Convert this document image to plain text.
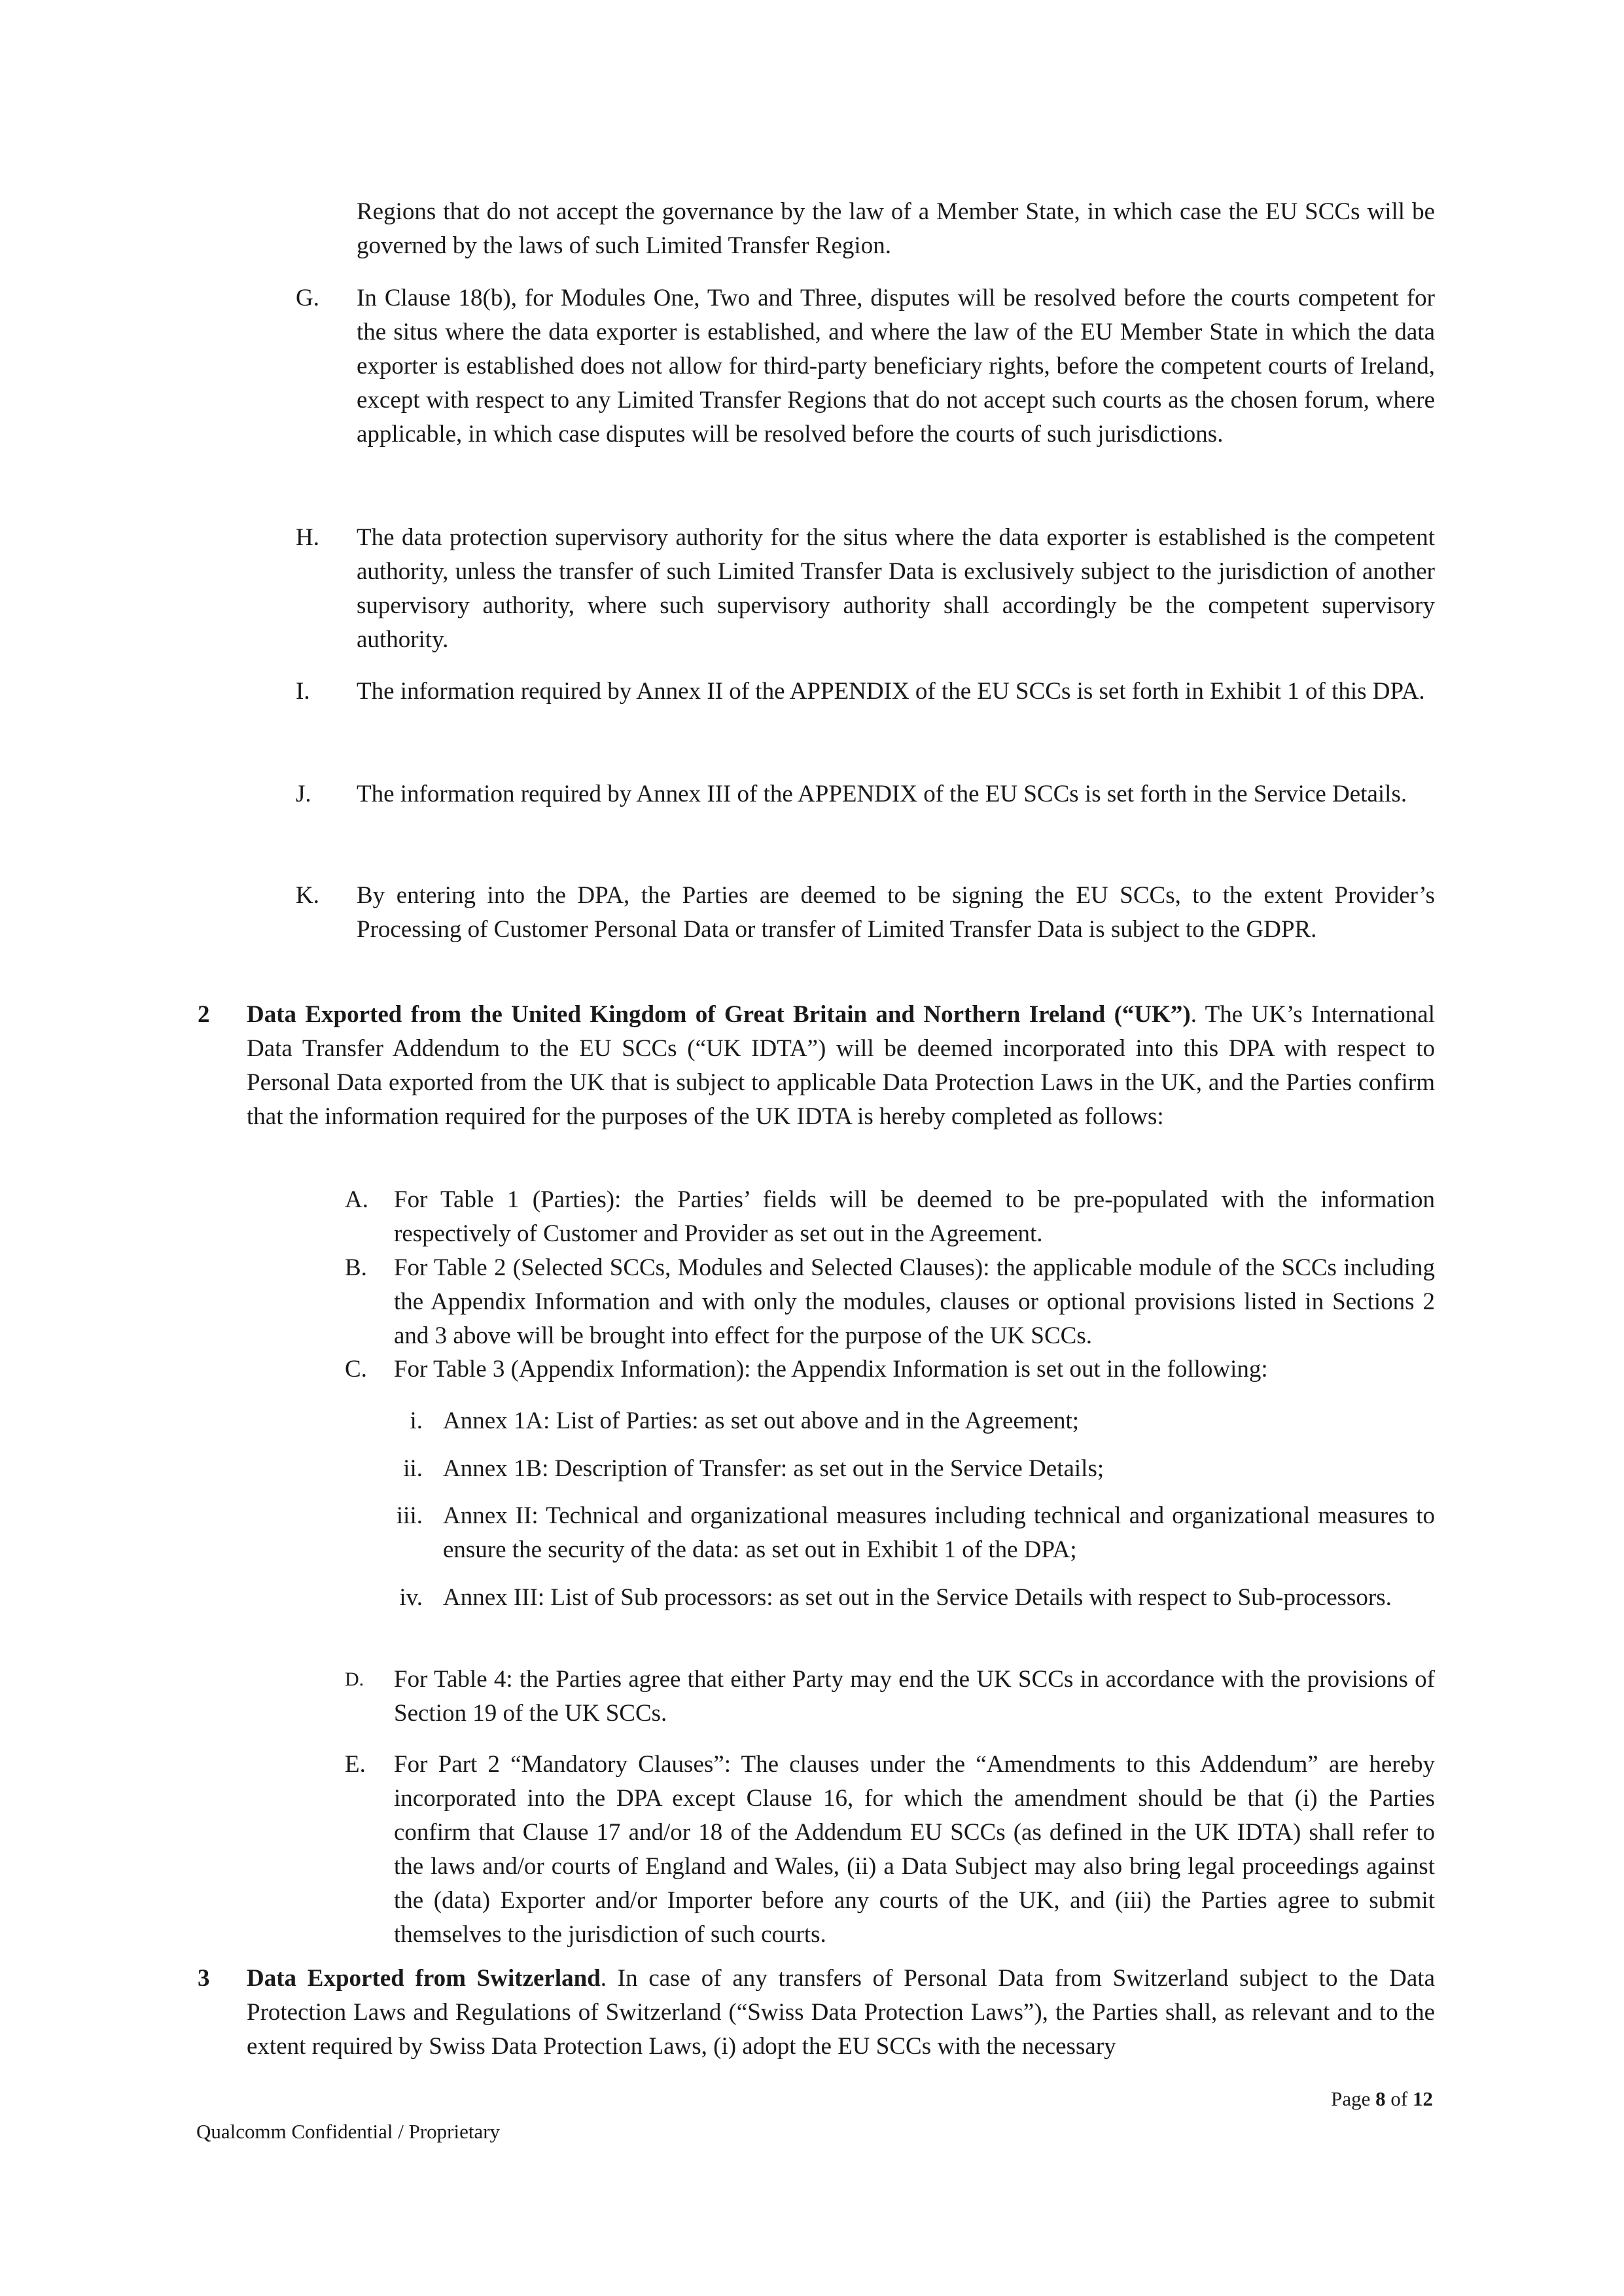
Regions that do not accept the governance by the law of a Member State, in which case the EU SCCs will be governed by the laws of such Limited Transfer Region.

G. In Clause 18(b), for Modules One, Two and Three, disputes will be resolved before the courts competent for the situs where the data exporter is established, and where the law of the EU Member State in which the data exporter is established does not allow for third-party beneficiary rights, before the competent courts of Ireland, except with respect to any Limited Transfer Regions that do not accept such courts as the chosen forum, where applicable, in which case disputes will be resolved before the courts of such jurisdictions.

H. The data protection supervisory authority for the situs where the data exporter is established is the competent authority, unless the transfer of such Limited Transfer Data is exclusively subject to the jurisdiction of another supervisory authority, where such supervisory authority shall accordingly be the competent supervisory authority.

I. The information required by Annex II of the APPENDIX of the EU SCCs is set forth in Exhibit 1 of this DPA.

J. The information required by Annex III of the APPENDIX of the EU SCCs is set forth in the Service Details.

K. By entering into the DPA, the Parties are deemed to be signing the EU SCCs, to the extent Provider’s Processing of Customer Personal Data or transfer of Limited Transfer Data is subject to the GDPR.

2 Data Exported from the United Kingdom of Great Britain and Northern Ireland (“UK”). The UK’s International Data Transfer Addendum to the EU SCCs (“UK IDTA”) will be deemed incorporated into this DPA with respect to Personal Data exported from the UK that is subject to applicable Data Protection Laws in the UK, and the Parties confirm that the information required for the purposes of the UK IDTA is hereby completed as follows:

A. For Table 1 (Parties): the Parties’ fields will be deemed to be pre-populated with the information respectively of Customer and Provider as set out in the Agreement.

B. For Table 2 (Selected SCCs, Modules and Selected Clauses): the applicable module of the SCCs including the Appendix Information and with only the modules, clauses or optional provisions listed in Sections 2 and 3 above will be brought into effect for the purpose of the UK SCCs.

C. For Table 3 (Appendix Information): the Appendix Information is set out in the following:

i. Annex 1A: List of Parties: as set out above and in the Agreement;

ii. Annex 1B: Description of Transfer: as set out in the Service Details;

iii. Annex II: Technical and organizational measures including technical and organizational measures to ensure the security of the data: as set out in Exhibit 1 of the DPA;

iv. Annex III: List of Sub processors: as set out in the Service Details with respect to Sub-processors.

D. For Table 4: the Parties agree that either Party may end the UK SCCs in accordance with the provisions of Section 19 of the UK SCCs.

E. For Part 2 “Mandatory Clauses”: The clauses under the “Amendments to this Addendum” are hereby incorporated into the DPA except Clause 16, for which the amendment should be that (i) the Parties confirm that Clause 17 and/or 18 of the Addendum EU SCCs (as defined in the UK IDTA) shall refer to the laws and/or courts of England and Wales, (ii) a Data Subject may also bring legal proceedings against the (data) Exporter and/or Importer before any courts of the UK, and (iii) the Parties agree to submit themselves to the jurisdiction of such courts.

3 Data Exported from Switzerland. In case of any transfers of Personal Data from Switzerland subject to the Data Protection Laws and Regulations of Switzerland (“Swiss Data Protection Laws”), the Parties shall, as relevant and to the extent required by Swiss Data Protection Laws, (i) adopt the EU SCCs with the necessary

Page 8 of 12
Qualcomm Confidential / Proprietary
